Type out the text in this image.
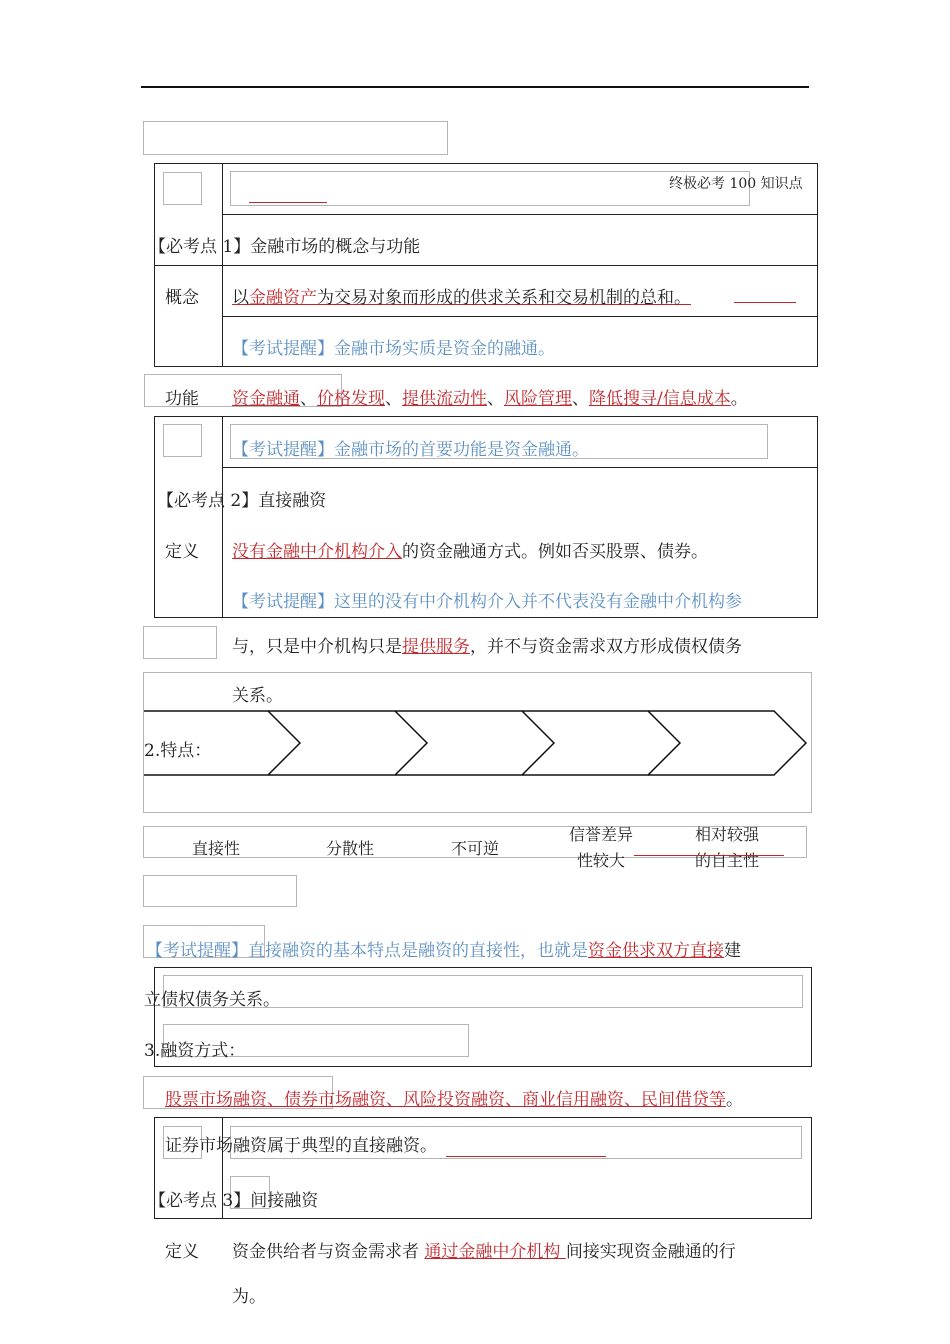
终极必考 100 知识点
【必考点 1】金融市场的概念与功能
概念 以金融资产为交易对象而形成的供求关系和交易机制的总和。
【考试提醒】金融市场实质是资金的融通。
功能 资金融通、价格发现、提供流动性、风险管理、降低搜寻/信息成本。
【考试提醒】金融市场的首要功能是资金融通。
【必考点 2】直接融资
定义 没有金融中介机构介入的资金融通方式。例如否买股票、债券。
【考试提醒】这里的没有中介机构介入并不代表没有金融中介机构参
与，只是中介机构只是提供服务，并不与资金需求双方形成债权债务
关系。
2.特点：
直接性	分散性	不可逆
信誉差异
性较大
相对较强
的自主性
【考试提醒】直接融资的基本特点是融资的直接性，也就是资金供求双方直接建
立债权债务关系。
3.融资方式：
股票市场融资、债券市场融资、风险投资融资、商业信用融资、民间借贷等。
证券市场融资属于典型的直接融资。
【必考点 3】间接融资
定义 资金供给者与资金需求者 通过金融中介机构 间接实现资金融通的行
为。
